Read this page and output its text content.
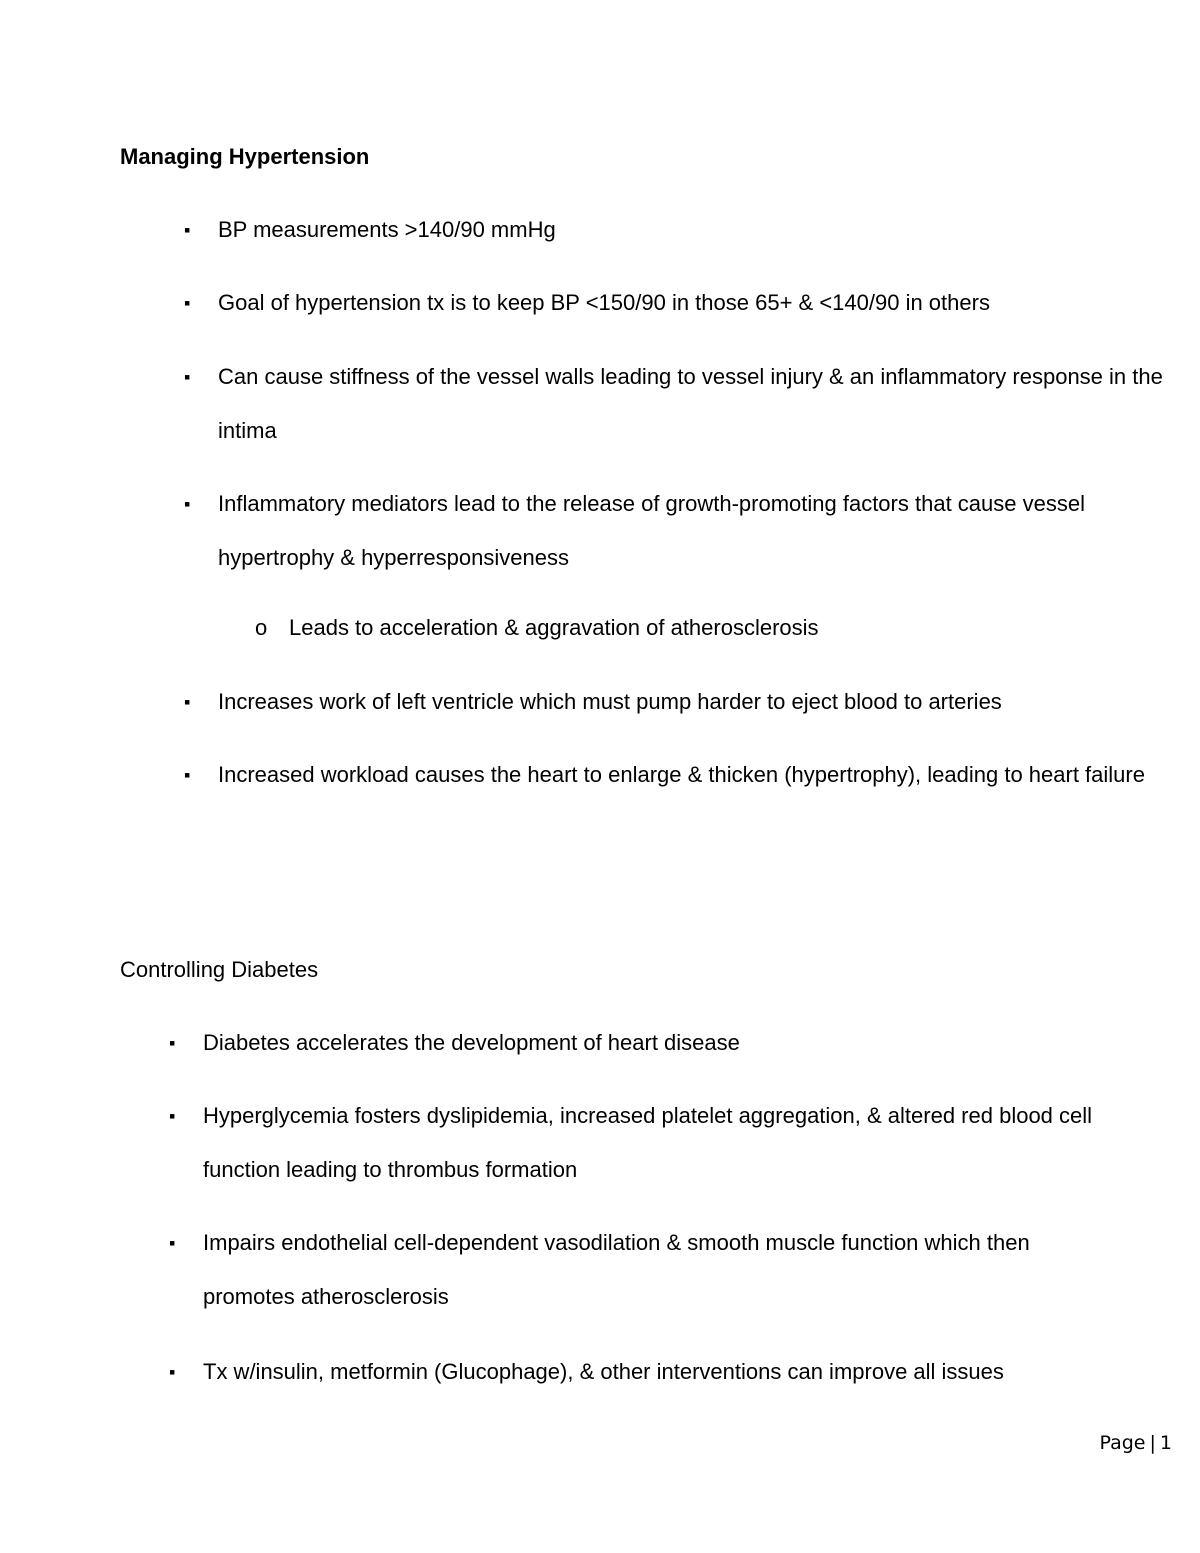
Managing Hypertension
▪ BP measurements >140/90 mmHg
▪ Goal of hypertension tx is to keep BP <150/90 in those 65+ & <140/90 in others
▪ Can cause stiffness of the vessel walls leading to vessel injury & an inflammatory response in the intima
▪ Inflammatory mediators lead to the release of growth-promoting factors that cause vessel hypertrophy & hyperresponsiveness
o Leads to acceleration & aggravation of atherosclerosis
▪ Increases work of left ventricle which must pump harder to eject blood to arteries
▪ Increased workload causes the heart to enlarge & thicken (hypertrophy), leading to heart failure
Controlling Diabetes
▪ Diabetes accelerates the development of heart disease
▪ Hyperglycemia fosters dyslipidemia, increased platelet aggregation, & altered red blood cell function leading to thrombus formation
▪ Impairs endothelial cell-dependent vasodilation & smooth muscle function which then promotes atherosclerosis
▪ Tx w/insulin, metformin (Glucophage), & other interventions can improve all issues
Page | 1
